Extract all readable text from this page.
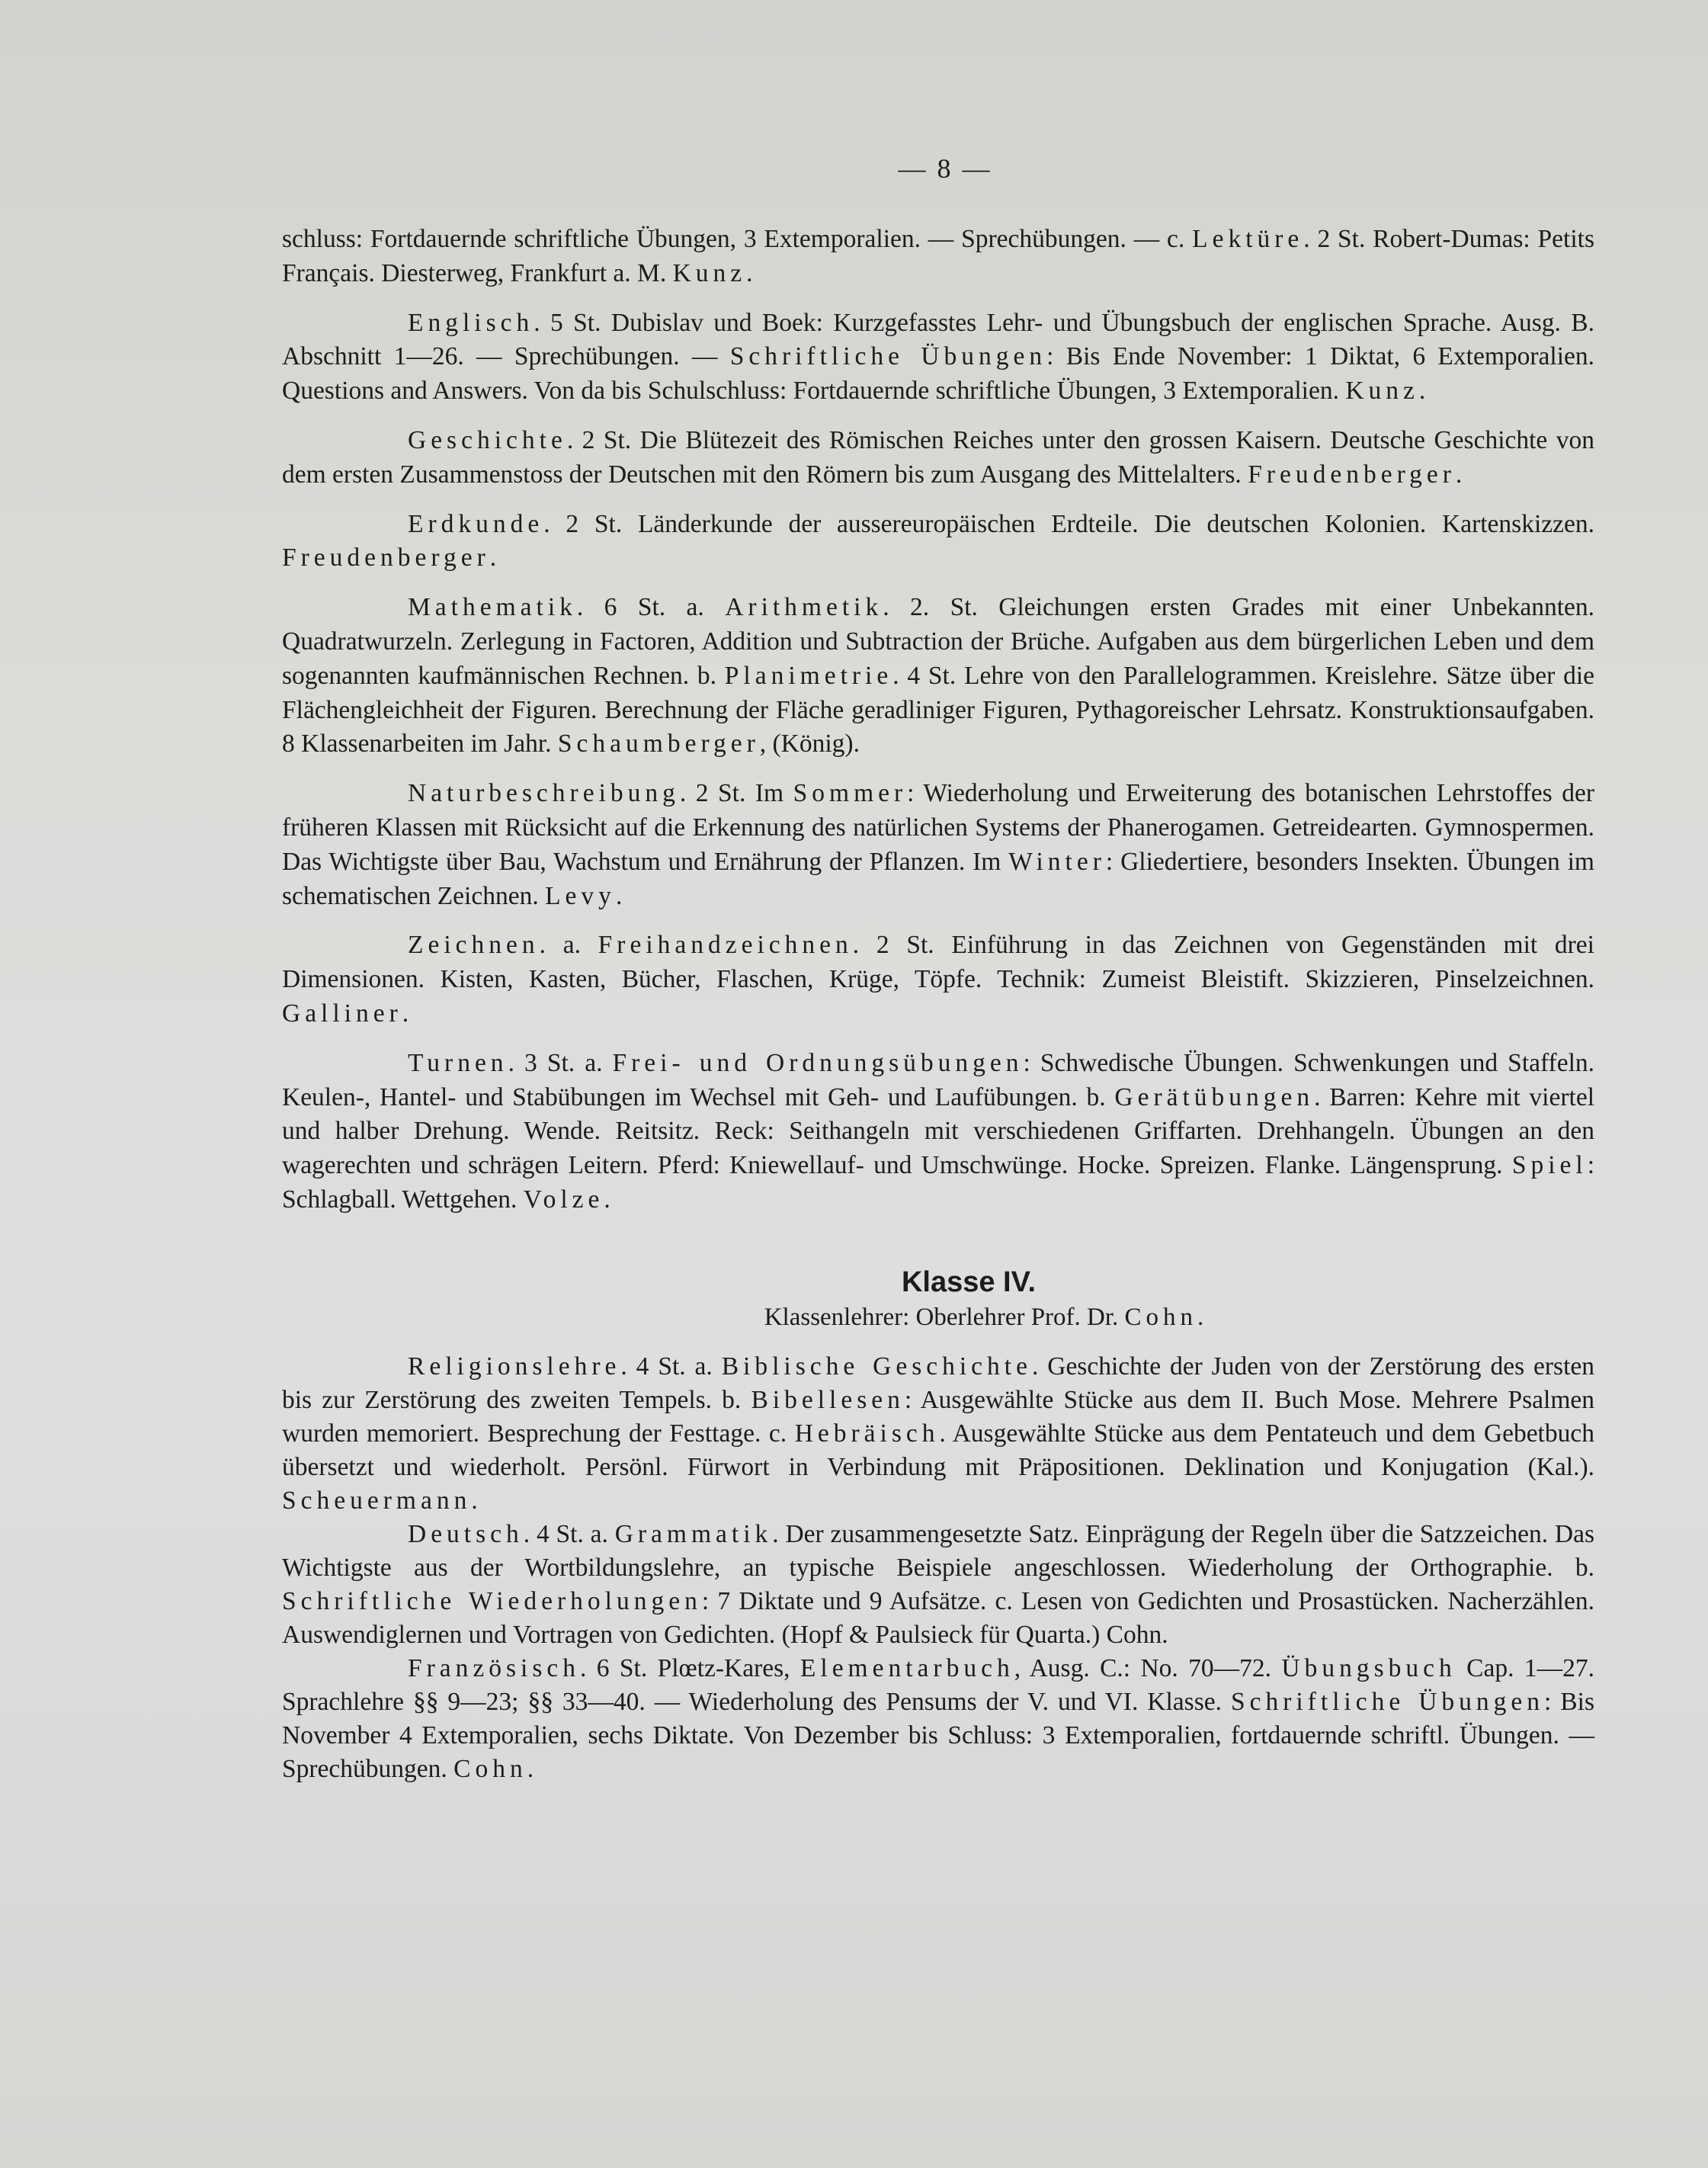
— 8 —

schluss: Fortdauernde schriftliche Übungen, 3 Extemporalien. — Sprechübungen. — c. Lektüre. 2 St. Robert-Dumas: Petits Français. Diesterweg, Frankfurt a. M. Kunz.

Englisch. 5 St. Dubislav und Boek: Kurzgefasstes Lehr- und Übungsbuch der englischen Sprache. Ausg. B. Abschnitt 1—26. — Sprechübungen. — Schriftliche Übungen: Bis Ende November: 1 Diktat, 6 Extemporalien. Questions and Answers. Von da bis Schulschluss: Fortdauernde schriftliche Übungen, 3 Extemporalien. Kunz.

Geschichte. 2 St. Die Blütezeit des Römischen Reiches unter den grossen Kaisern. Deutsche Geschichte von dem ersten Zusammenstoss der Deutschen mit den Römern bis zum Ausgang des Mittelalters. Freudenberger.

Erdkunde. 2 St. Länderkunde der aussereuropäischen Erdteile. Die deutschen Kolonien. Kartenskizzen. Freudenberger.

Mathematik. 6 St. a. Arithmetik. 2. St. Gleichungen ersten Grades mit einer Unbekannten. Quadratwurzeln. Zerlegung in Factoren, Addition und Subtraction der Brüche. Aufgaben aus dem bürgerlichen Leben und dem sogenannten kaufmännischen Rechnen. b. Planimetrie. 4 St. Lehre von den Parallelogrammen. Kreislehre. Sätze über die Flächengleichheit der Figuren. Berechnung der Fläche geradliniger Figuren, Pythagoreischer Lehrsatz. Konstruktionsaufgaben. 8 Klassenarbeiten im Jahr. Schaumberger, (König).

Naturbeschreibung. 2 St. Im Sommer: Wiederholung und Erweiterung des botanischen Lehrstoffes der früheren Klassen mit Rücksicht auf die Erkennung des natürlichen Systems der Phanerogamen. Getreidearten. Gymnospermen. Das Wichtigste über Bau, Wachstum und Ernährung der Pflanzen. Im Winter: Gliedertiere, besonders Insekten. Übungen im schematischen Zeichnen. Levy.

Zeichnen. a. Freihandzeichnen. 2 St. Einführung in das Zeichnen von Gegenständen mit drei Dimensionen. Kisten, Kasten, Bücher, Flaschen, Krüge, Töpfe. Technik: Zumeist Bleistift. Skizzieren, Pinselzeichnen. Galliner.

Turnen. 3 St. a. Frei- und Ordnungsübungen: Schwedische Übungen. Schwenkungen und Staffeln. Keulen-, Hantel- und Stabübungen im Wechsel mit Geh- und Laufübungen. b. Gerätübungen. Barren: Kehre mit viertel und halber Drehung. Wende. Reitsitz. Reck: Seithangeln mit verschiedenen Griffarten. Drehhangeln. Übungen an den wagerechten und schrägen Leitern. Pferd: Kniewellauf- und Umschwünge. Hocke. Spreizen. Flanke. Längensprung. Spiel: Schlagball. Wettgehen. Volze.

Klasse IV.
Klassenlehrer: Oberlehrer Prof. Dr. Cohn.

Religionslehre. 4 St. a. Biblische Geschichte. Geschichte der Juden von der Zerstörung des ersten bis zur Zerstörung des zweiten Tempels. b. Bibellesen: Ausgewählte Stücke aus dem II. Buch Mose. Mehrere Psalmen wurden memoriert. Besprechung der Festtage. c. Hebräisch. Ausgewählte Stücke aus dem Pentateuch und dem Gebetbuch übersetzt und wiederholt. Persönl. Fürwort in Verbindung mit Präpositionen. Deklination und Konjugation (Kal.). Scheuermann.

Deutsch. 4 St. a. Grammatik. Der zusammengesetzte Satz. Einprägung der Regeln über die Satzzeichen. Das Wichtigste aus der Wortbildungslehre, an typische Beispiele angeschlossen. Wiederholung der Orthographie. b. Schriftliche Wiederholungen: 7 Diktate und 9 Aufsätze. c. Lesen von Gedichten und Prosastücken. Nacherzählen. Auswendiglernen und Vortragen von Gedichten. (Hopf & Paulsieck für Quarta.) Cohn.

Französisch. 6 St. Plœtz-Kares, Elementarbuch, Ausg. C.: No. 70—72. Übungsbuch Cap. 1—27. Sprachlehre §§ 9—23; §§ 33—40. — Wiederholung des Pensums der V. und VI. Klasse. Schriftliche Übungen: Bis November 4 Extemporalien, sechs Diktate. Von Dezember bis Schluss: 3 Extemporalien, fortdauernde schriftl. Übungen. — Sprechübungen. Cohn.
